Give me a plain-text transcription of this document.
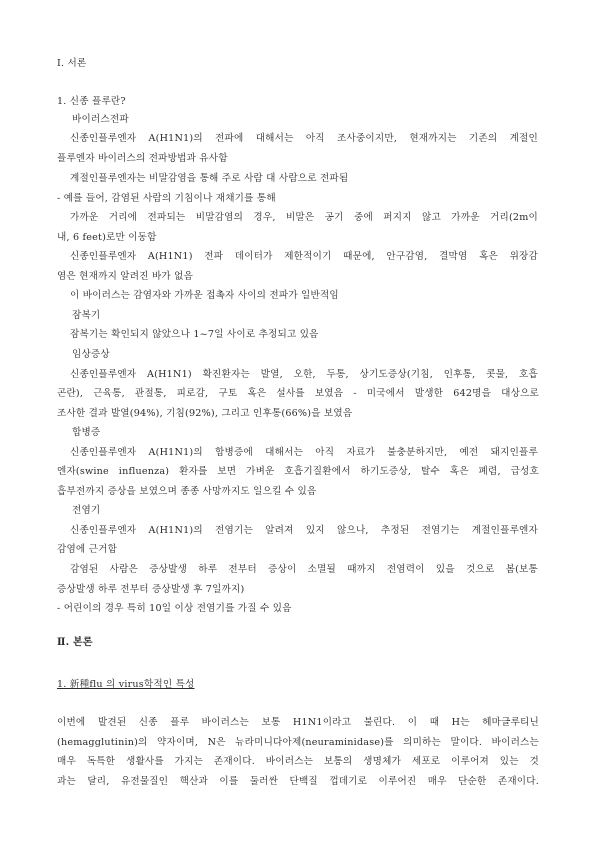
Ⅰ. 서론
1. 신종 플루란?
바이러스전파
신종인플루엔자 A(H1N1)의 전파에 대해서는 아직 조사중이지만, 현재까지는 기존의 계절인
플루엔자 바이러스의 전파방법과 유사함
계절인플루엔자는 비말감염을 통해 주로 사람 대 사람으로 전파됨
- 예를 들어, 감염된 사람의 기침이나 재채기를 통해
가까운 거리에 전파되는 비말감염의 경우, 비말은 공기 중에 퍼지지 않고 가까운 거리(2m이
내, 6 feet)로만 이동함
신종인플루엔자 A(H1N1) 전파 데이터가 제한적이기 때문에, 안구감염, 결막염 혹은 위장감
염은 현재까지 알려진 바가 없음
이 바이러스는 감염자와 가까운 접촉자 사이의 전파가 일반적임
잠복기
잠복기는 확인되지 않았으나 1~7일 사이로 추정되고 있음
임상증상
신종인플루엔자 A(H1N1) 확진환자는 발열, 오한, 두통, 상기도증상(기침, 인후통, 콧물, 호흡
곤란), 근육통, 관절통, 피로감, 구토 혹은 설사를 보였음 - 미국에서 발생한 642명을 대상으로
조사한 결과 발열(94%), 기침(92%), 그리고 인후통(66%)을 보였음
합병증
신종인플루엔자 A(H1N1)의 합병증에 대해서는 아직 자료가 불충분하지만, 예전 돼지인플루
엔자(swine influenza) 환자를 보면 가벼운 호흡기질환에서 하기도증상, 탈수 혹은 폐렴, 급성호
흡부전까지 증상을 보였으며 종종 사망까지도 일으킬 수 있음
전염기
신종인플루엔자 A(H1N1)의 전염기는 알려져 있지 않으나, 추정된 전염기는 계절인플루엔자
감염에 근거함
감염된 사람은 증상발생 하루 전부터 증상이 소멸될 때까지 전염력이 있을 것으로 봄(보통
증상발생 하루 전부터 증상발생 후 7일까지)
- 어린이의 경우 특히 10일 이상 전염기를 가질 수 있음
Ⅱ. 본론
1. 新種flu 의 virus학적인 특성
이번에 발견된 신종 플루 바이러스는 보통 H1N1이라고 불린다. 이 때 H는 헤마글루티닌
(hemagglutinin)의 약자이며, N은 뉴라미니다아제(neuraminidase)를 의미하는 말이다. 바이러스는
매우 독특한 생활사를 가지는 존재이다. 바이러스는 보통의 생명체가 세포로 이루어져 있는 것
과는 달리, 유전물질인 핵산과 이를 둘러싼 단백질 껍데기로 이루어진 매우 단순한 존재이다.
